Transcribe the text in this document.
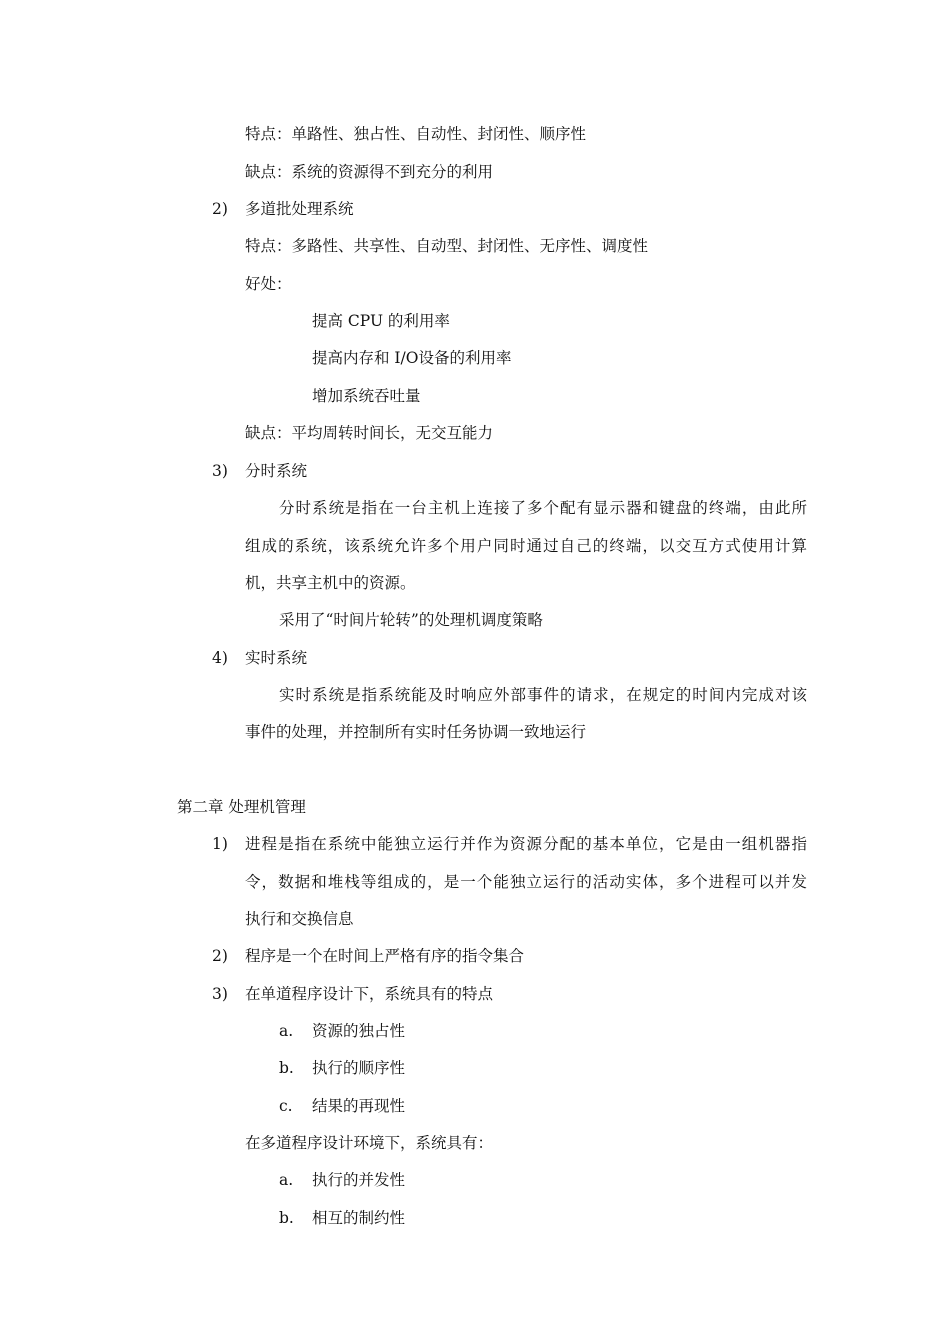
特点：单路性、独占性、自动性、封闭性、顺序性
缺点：系统的资源得不到充分的利用
2) 多道批处理系统
特点：多路性、共享性、自动型、封闭性、无序性、调度性
好处：
提高 CPU 的利用率
提高内存和 I/O设备的利用率
增加系统吞吐量
缺点：平均周转时间长，无交互能力
3) 分时系统
分时系统是指在一台主机上连接了多个配有显示器和键盘的终端，由此所
组成的系统，该系统允许多个用户同时通过自己的终端，以交互方式使用计算
机，共享主机中的资源。
采用了“时间片轮转”的处理机调度策略
4) 实时系统
实时系统是指系统能及时响应外部事件的请求，在规定的时间内完成对该
事件的处理，并控制所有实时任务协调一致地运行
第二章 处理机管理
1) 进程是指在系统中能独立运行并作为资源分配的基本单位，它是由一组机器指
令，数据和堆栈等组成的，是一个能独立运行的活动实体，多个进程可以并发
执行和交换信息
2) 程序是一个在时间上严格有序的指令集合
3) 在单道程序设计下，系统具有的特点
a. 资源的独占性
b. 执行的顺序性
c. 结果的再现性
在多道程序设计环境下，系统具有：
a. 执行的并发性
b. 相互的制约性
